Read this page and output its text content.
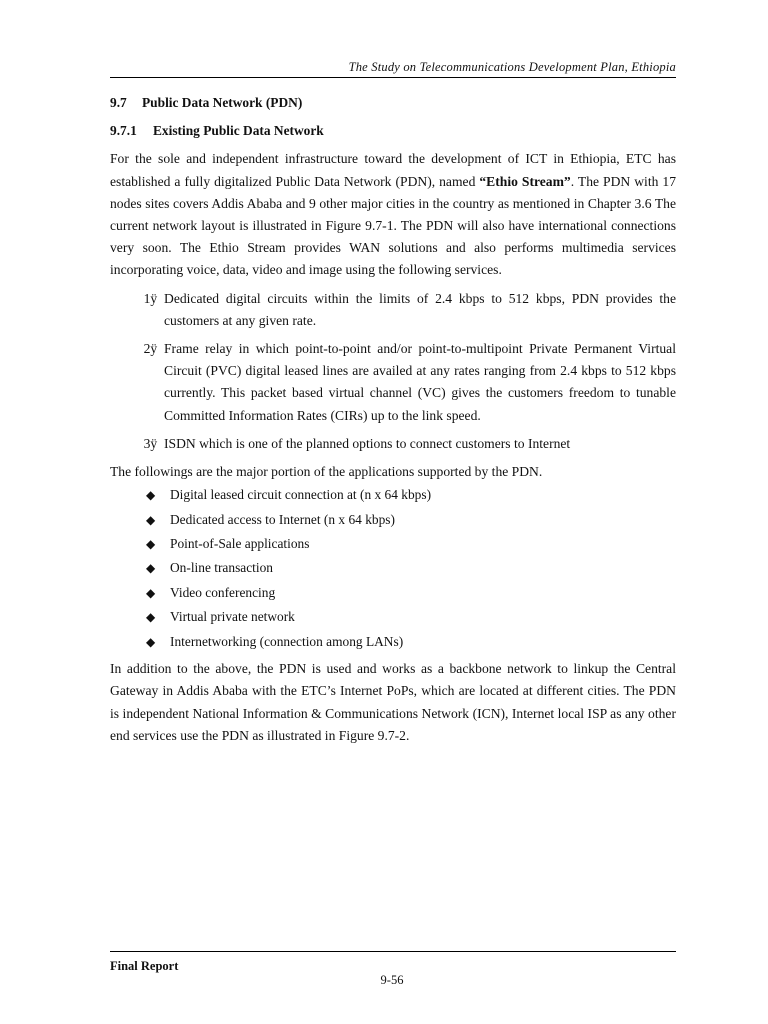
The Study on Telecommunications Development Plan, Ethiopia
9.7 Public Data Network (PDN)
9.7.1 Existing Public Data Network

For the sole and independent infrastructure toward the development of ICT in Ethiopia, ETC has established a fully digitalized Public Data Network (PDN), named “Ethio Stream”. The PDN with 17 nodes sites covers Addis Ababa and 9 other major cities in the country as mentioned in Chapter 3.6 The current network layout is illustrated in Figure 9.7-1. The PDN will also have international connections very soon. The Ethio Stream provides WAN solutions and also performs multimedia services incorporating voice, data, video and image using the following services.

1ÿ Dedicated digital circuits within the limits of 2.4 kbps to 512 kbps, PDN provides the customers at any given rate.
2ÿ Frame relay in which point-to-point and/or point-to-multipoint Private Permanent Virtual Circuit (PVC) digital leased lines are availed at any rates ranging from 2.4 kbps to 512 kbps currently. This packet based virtual channel (VC) gives the customers freedom to tunable Committed Information Rates (CIRs) up to the link speed.
3ÿ ISDN which is one of the planned options to connect customers to Internet

The followings are the major portion of the applications supported by the PDN.

◆	Digital leased circuit connection at (n x 64 kbps)
◆	Dedicated access to Internet (n x 64 kbps)
◆	Point-of-Sale applications
◆	On-line transaction
◆	Video conferencing
◆	Virtual private network
◆	Internetworking (connection among LANs)

In addition to the above, the PDN is used and works as a backbone network to linkup the Central Gateway in Addis Ababa with the ETC’s Internet PoPs, which are located at different cities. The PDN is independent National Information & Communications Network (ICN), Internet local ISP as any other end services use the PDN as illustrated in Figure 9.7-2.

Final Report
9-56
